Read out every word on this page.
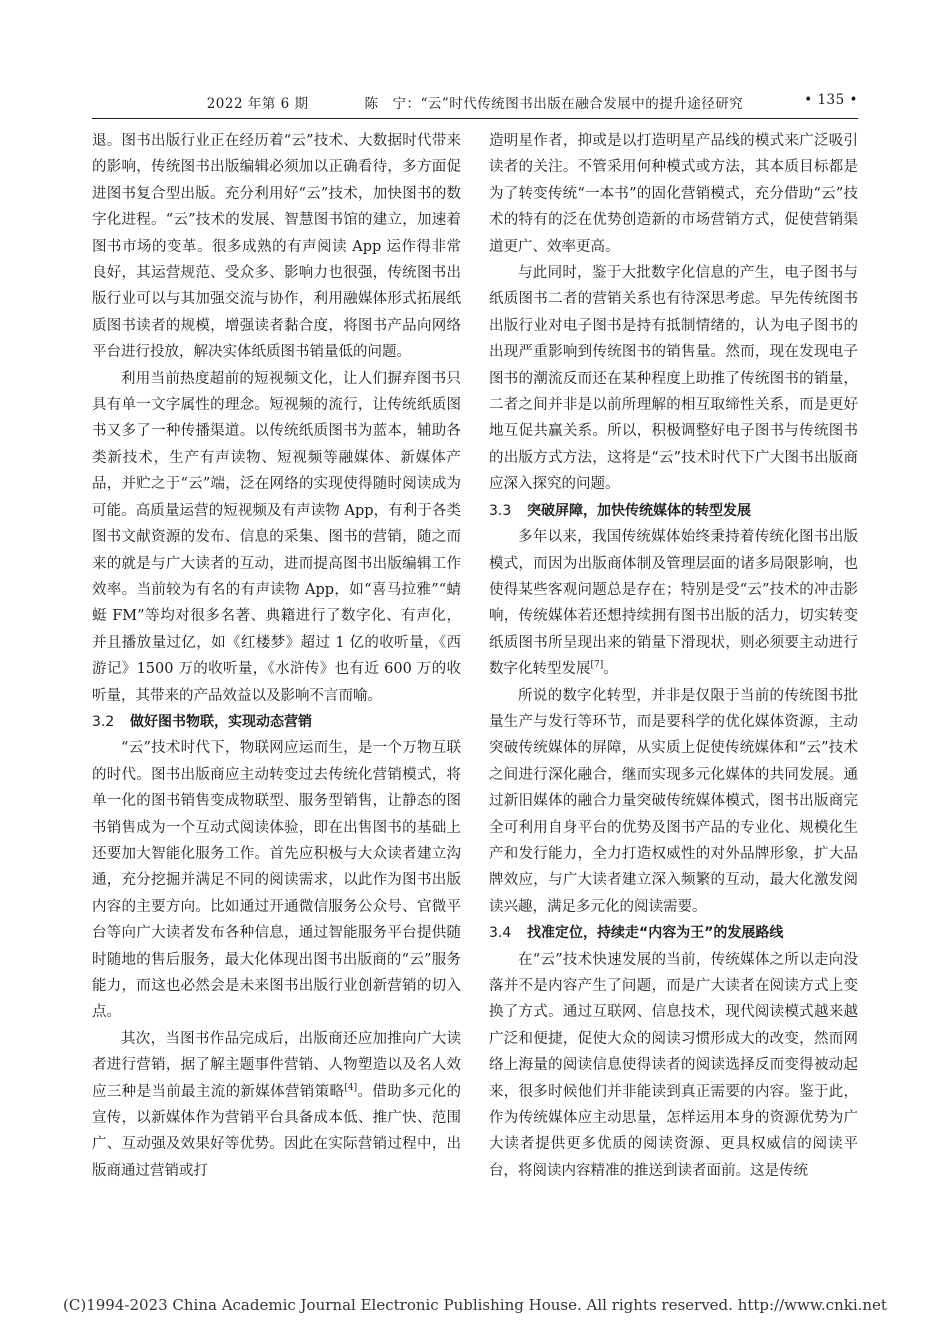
2022 年第 6 期　　　　陈　宁：“云”时代传统图书出版在融合发展中的提升途径研究	• 135 •

退。图书出版行业正在经历着“云”技术、大数据时代带来的影响，传统图书出版编辑必须加以正确看待，多方面促进图书复合型出版。充分利用好“云”技术，加快图书的数字化进程。“云”技术的发展、智慧图书馆的建立，加速着图书市场的变革。很多成熟的有声阅读 App 运作得非常良好，其运营规范、受众多、影响力也很强，传统图书出版行业可以与其加强交流与协作，利用融媒体形式拓展纸质图书读者的规模，增强读者黏合度，将图书产品向网络平台进行投放，解决实体纸质图书销量低的问题。

利用当前热度超前的短视频文化，让人们摒弃图书只具有单一文字属性的理念。短视频的流行，让传统纸质图书又多了一种传播渠道。以传统纸质图书为蓝本，辅助各类新技术，生产有声读物、短视频等融媒体、新媒体产品，并贮之于“云”端，泛在网络的实现使得随时阅读成为可能。高质量运营的短视频及有声读物 App，有利于各类图书文献资源的发布、信息的采集、图书的营销，随之而来的就是与广大读者的互动，进而提高图书出版编辑工作效率。当前较为有名的有声读物 App，如“喜马拉雅”“蜻蜓 FM”等均对很多名著、典籍进行了数字化、有声化，并且播放量过亿，如《红楼梦》超过 1 亿的收听量，《西游记》1500 万的收听量，《水浒传》也有近 600 万的收听量，其带来的产品效益以及影响不言而喻。

3.2 做好图书物联，实现动态营销

“云”技术时代下，物联网应运而生，是一个万物互联的时代。图书出版商应主动转变过去传统化营销模式，将单一化的图书销售变成物联型、服务型销售，让静态的图书销售成为一个互动式阅读体验，即在出售图书的基础上还要加大智能化服务工作。首先应积极与大众读者建立沟通，充分挖掘并满足不同的阅读需求，以此作为图书出版内容的主要方向。比如通过开通微信服务公众号、官微平台等向广大读者发布各种信息，通过智能服务平台提供随时随地的售后服务，最大化体现出图书出版商的“云”服务能力，而这也必然会是未来图书出版行业创新营销的切入点。

其次，当图书作品完成后，出版商还应加推向广大读者进行营销，据了解主题事件营销、人物塑造以及名人效应三种是当前最主流的新媒体营销策略[4]。借助多元化的宣传，以新媒体作为营销平台具备成本低、推广快、范围广、互动强及效果好等优势。因此在实际营销过程中，出版商通过营销或打

造明星作者，抑或是以打造明星产品线的模式来广泛吸引读者的关注。不管采用何种模式或方法，其本质目标都是为了转变传统“一本书”的固化营销模式，充分借助“云”技术的特有的泛在优势创造新的市场营销方式，促使营销渠道更广、效率更高。

与此同时，鉴于大批数字化信息的产生，电子图书与纸质图书二者的营销关系也有待深思考虑。早先传统图书出版行业对电子图书是持有抵制情绪的，认为电子图书的出现严重影响到传统图书的销售量。然而，现在发现电子图书的潮流反而还在某种程度上助推了传统图书的销量，二者之间并非是以前所理解的相互取缔性关系，而是更好地互促共赢关系。所以，积极调整好电子图书与传统图书的出版方式方法，这将是“云”技术时代下广大图书出版商应深入探究的问题。

3.3 突破屏障，加快传统媒体的转型发展

多年以来，我国传统媒体始终秉持着传统化图书出版模式，而因为出版商体制及管理层面的诸多局限影响，也使得某些客观问题总是存在；特别是受“云”技术的冲击影响，传统媒体若还想持续拥有图书出版的活力，切实转变纸质图书所呈现出来的销量下滑现状，则必须要主动进行数字化转型发展[7]。

所说的数字化转型，并非是仅限于当前的传统图书批量生产与发行等环节，而是要科学的优化媒体资源，主动突破传统媒体的屏障，从实质上促使传统媒体和“云”技术之间进行深化融合，继而实现多元化媒体的共同发展。通过新旧媒体的融合力量突破传统媒体模式，图书出版商完全可利用自身平台的优势及图书产品的专业化、规模化生产和发行能力，全力打造权威性的对外品牌形象，扩大品牌效应，与广大读者建立深入频繁的互动，最大化激发阅读兴趣，满足多元化的阅读需要。

3.4 找准定位，持续走“内容为王”的发展路线

在“云”技术快速发展的当前，传统媒体之所以走向没落并不是内容产生了问题，而是广大读者在阅读方式上变换了方式。通过互联网、信息技术，现代阅读模式越来越广泛和便捷，促使大众的阅读习惯形成大的改变，然而网络上海量的阅读信息使得读者的阅读选择反而变得被动起来，很多时候他们并非能读到真正需要的内容。鉴于此，作为传统媒体应主动思量，怎样运用本身的资源优势为广大读者提供更多优质的阅读资源、更具权威信的阅读平台，将阅读内容精准的推送到读者面前。这是传统

(C)1994-2023 China Academic Journal Electronic Publishing House. All rights reserved. http://www.cnki.net
